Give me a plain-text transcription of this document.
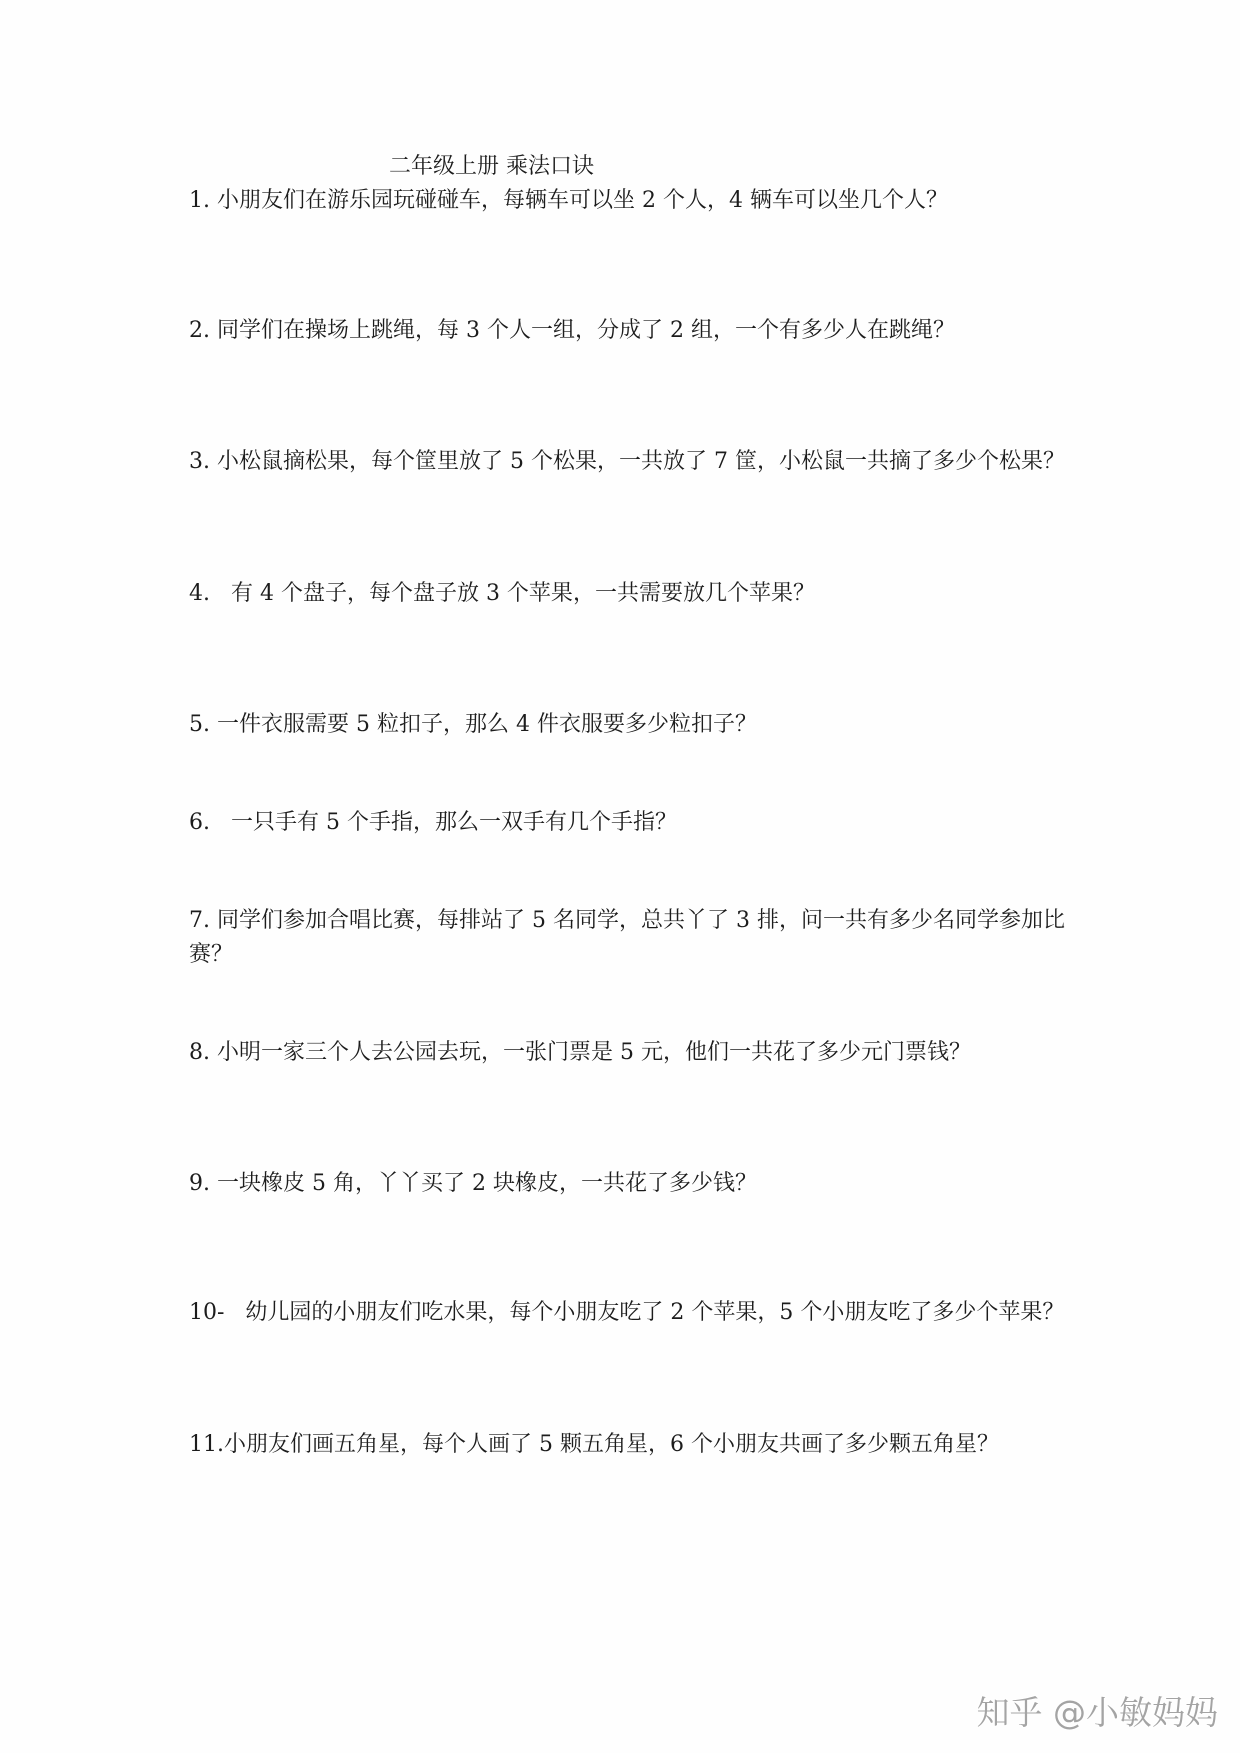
二年级上册 乘法口诀
1. 小朋友们在游乐园玩碰碰车，每辆车可以坐 2 个人，4 辆车可以坐几个人？
2. 同学们在操场上跳绳，每 3 个人一组，分成了 2 组，一个有多少人在跳绳？
3. 小松鼠摘松果，每个筐里放了 5 个松果，一共放了 7 筐，小松鼠一共摘了多少个松果？
4.   有 4 个盘子，每个盘子放 3 个苹果，一共需要放几个苹果？
5. 一件衣服需要 5 粒扣子，那么 4 件衣服要多少粒扣子？
6.   一只手有 5 个手指，那么一双手有几个手指？
7. 同学们参加合唱比赛，每排站了 5 名同学，总共丫了 3 排，问一共有多少名同学参加比
赛？
8. 小明一家三个人去公园去玩，一张门票是 5 元，他们一共花了多少元门票钱？
9. 一块橡皮 5 角，丫丫买了 2 块橡皮，一共花了多少钱？
10-   幼儿园的小朋友们吃水果，每个小朋友吃了 2 个苹果，5 个小朋友吃了多少个苹果？
11.小朋友们画五角星，每个人画了 5 颗五角星，6 个小朋友共画了多少颗五角星？
知乎 @小敏妈妈
